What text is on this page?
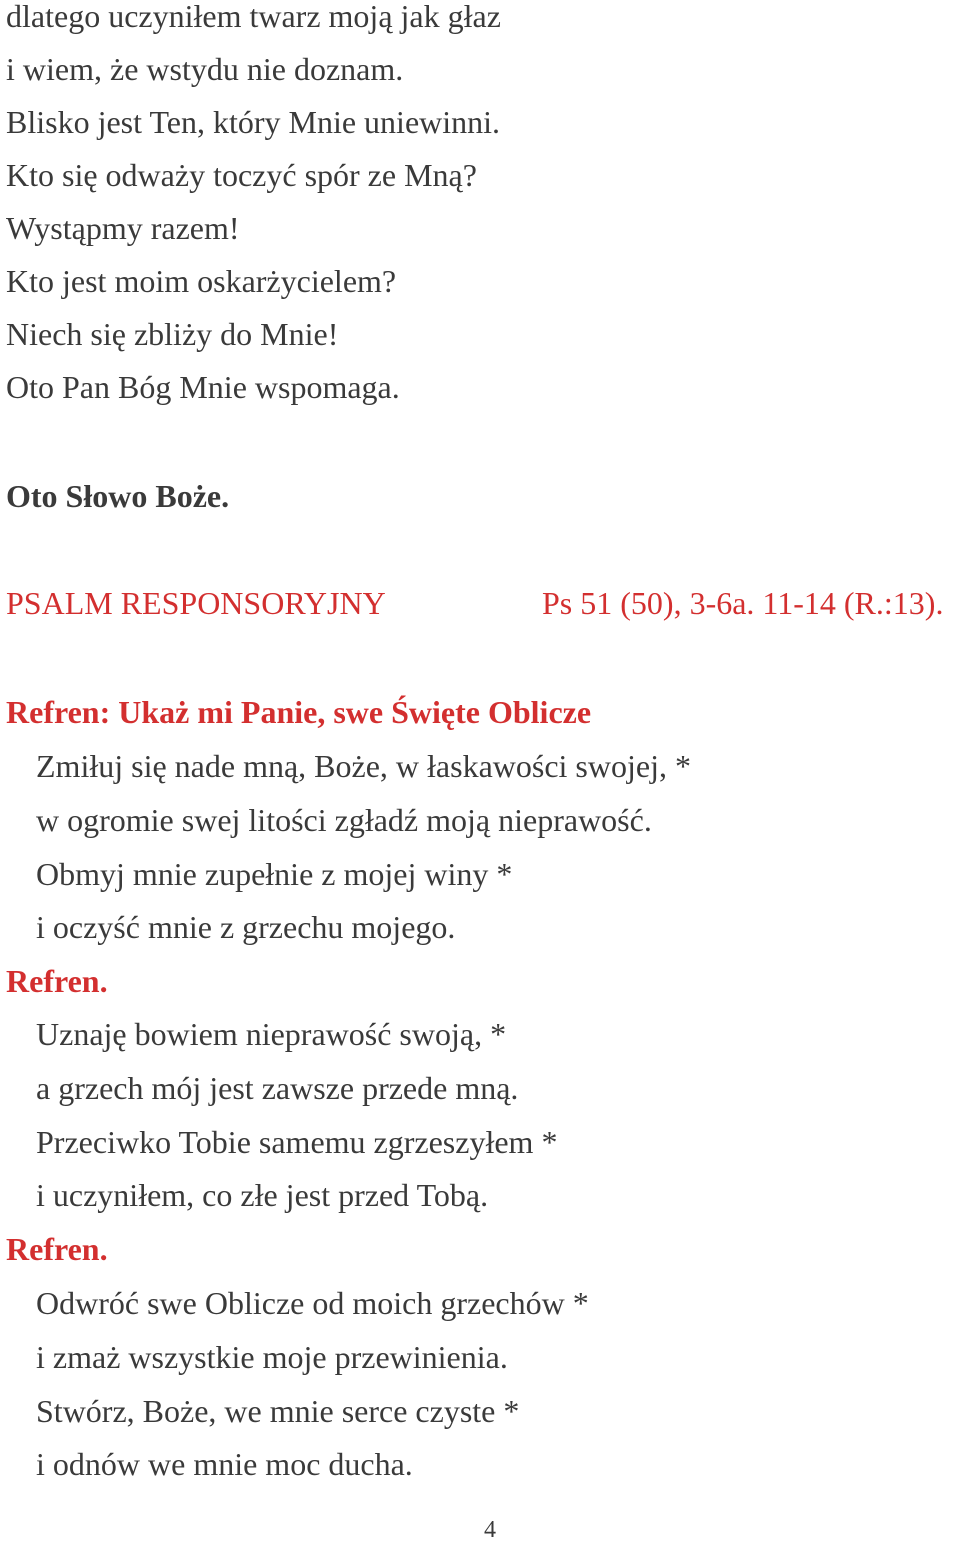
dlatego uczyniłem twarz moją jak głaz
i wiem, że wstydu nie doznam.
Blisko jest Ten, który Mnie uniewinni.
Kto się odważy toczyć spór ze Mną?
Wystąpmy razem!
Kto jest moim oskarżycielem?
Niech się zbliży do Mnie!
Oto Pan Bóg Mnie wspomaga.
Oto Słowo Boże.
PSALM RESPONSORYJNY	Ps 51 (50), 3-6a. 11-14 (R.:13).
Refren: Ukaż mi Panie, swe Święte Oblicze
Zmiłuj się nade mną, Boże, w łaskawości swojej, *
w ogromie swej litości zgładź moją nieprawość.
Obmyj mnie zupełnie z mojej winy *
i oczyść mnie z grzechu mojego.
Refren.
Uznaję bowiem nieprawość swoją, *
a grzech mój jest zawsze przede mną.
Przeciwko Tobie samemu zgrzeszyłem *
i uczyniłem, co złe jest przed Tobą.
Refren.
Odwróć swe Oblicze od moich grzechów *
i zmaż wszystkie moje przewinienia.
Stwórz, Boże, we mnie serce czyste *
i odnów we mnie moc ducha.
4
